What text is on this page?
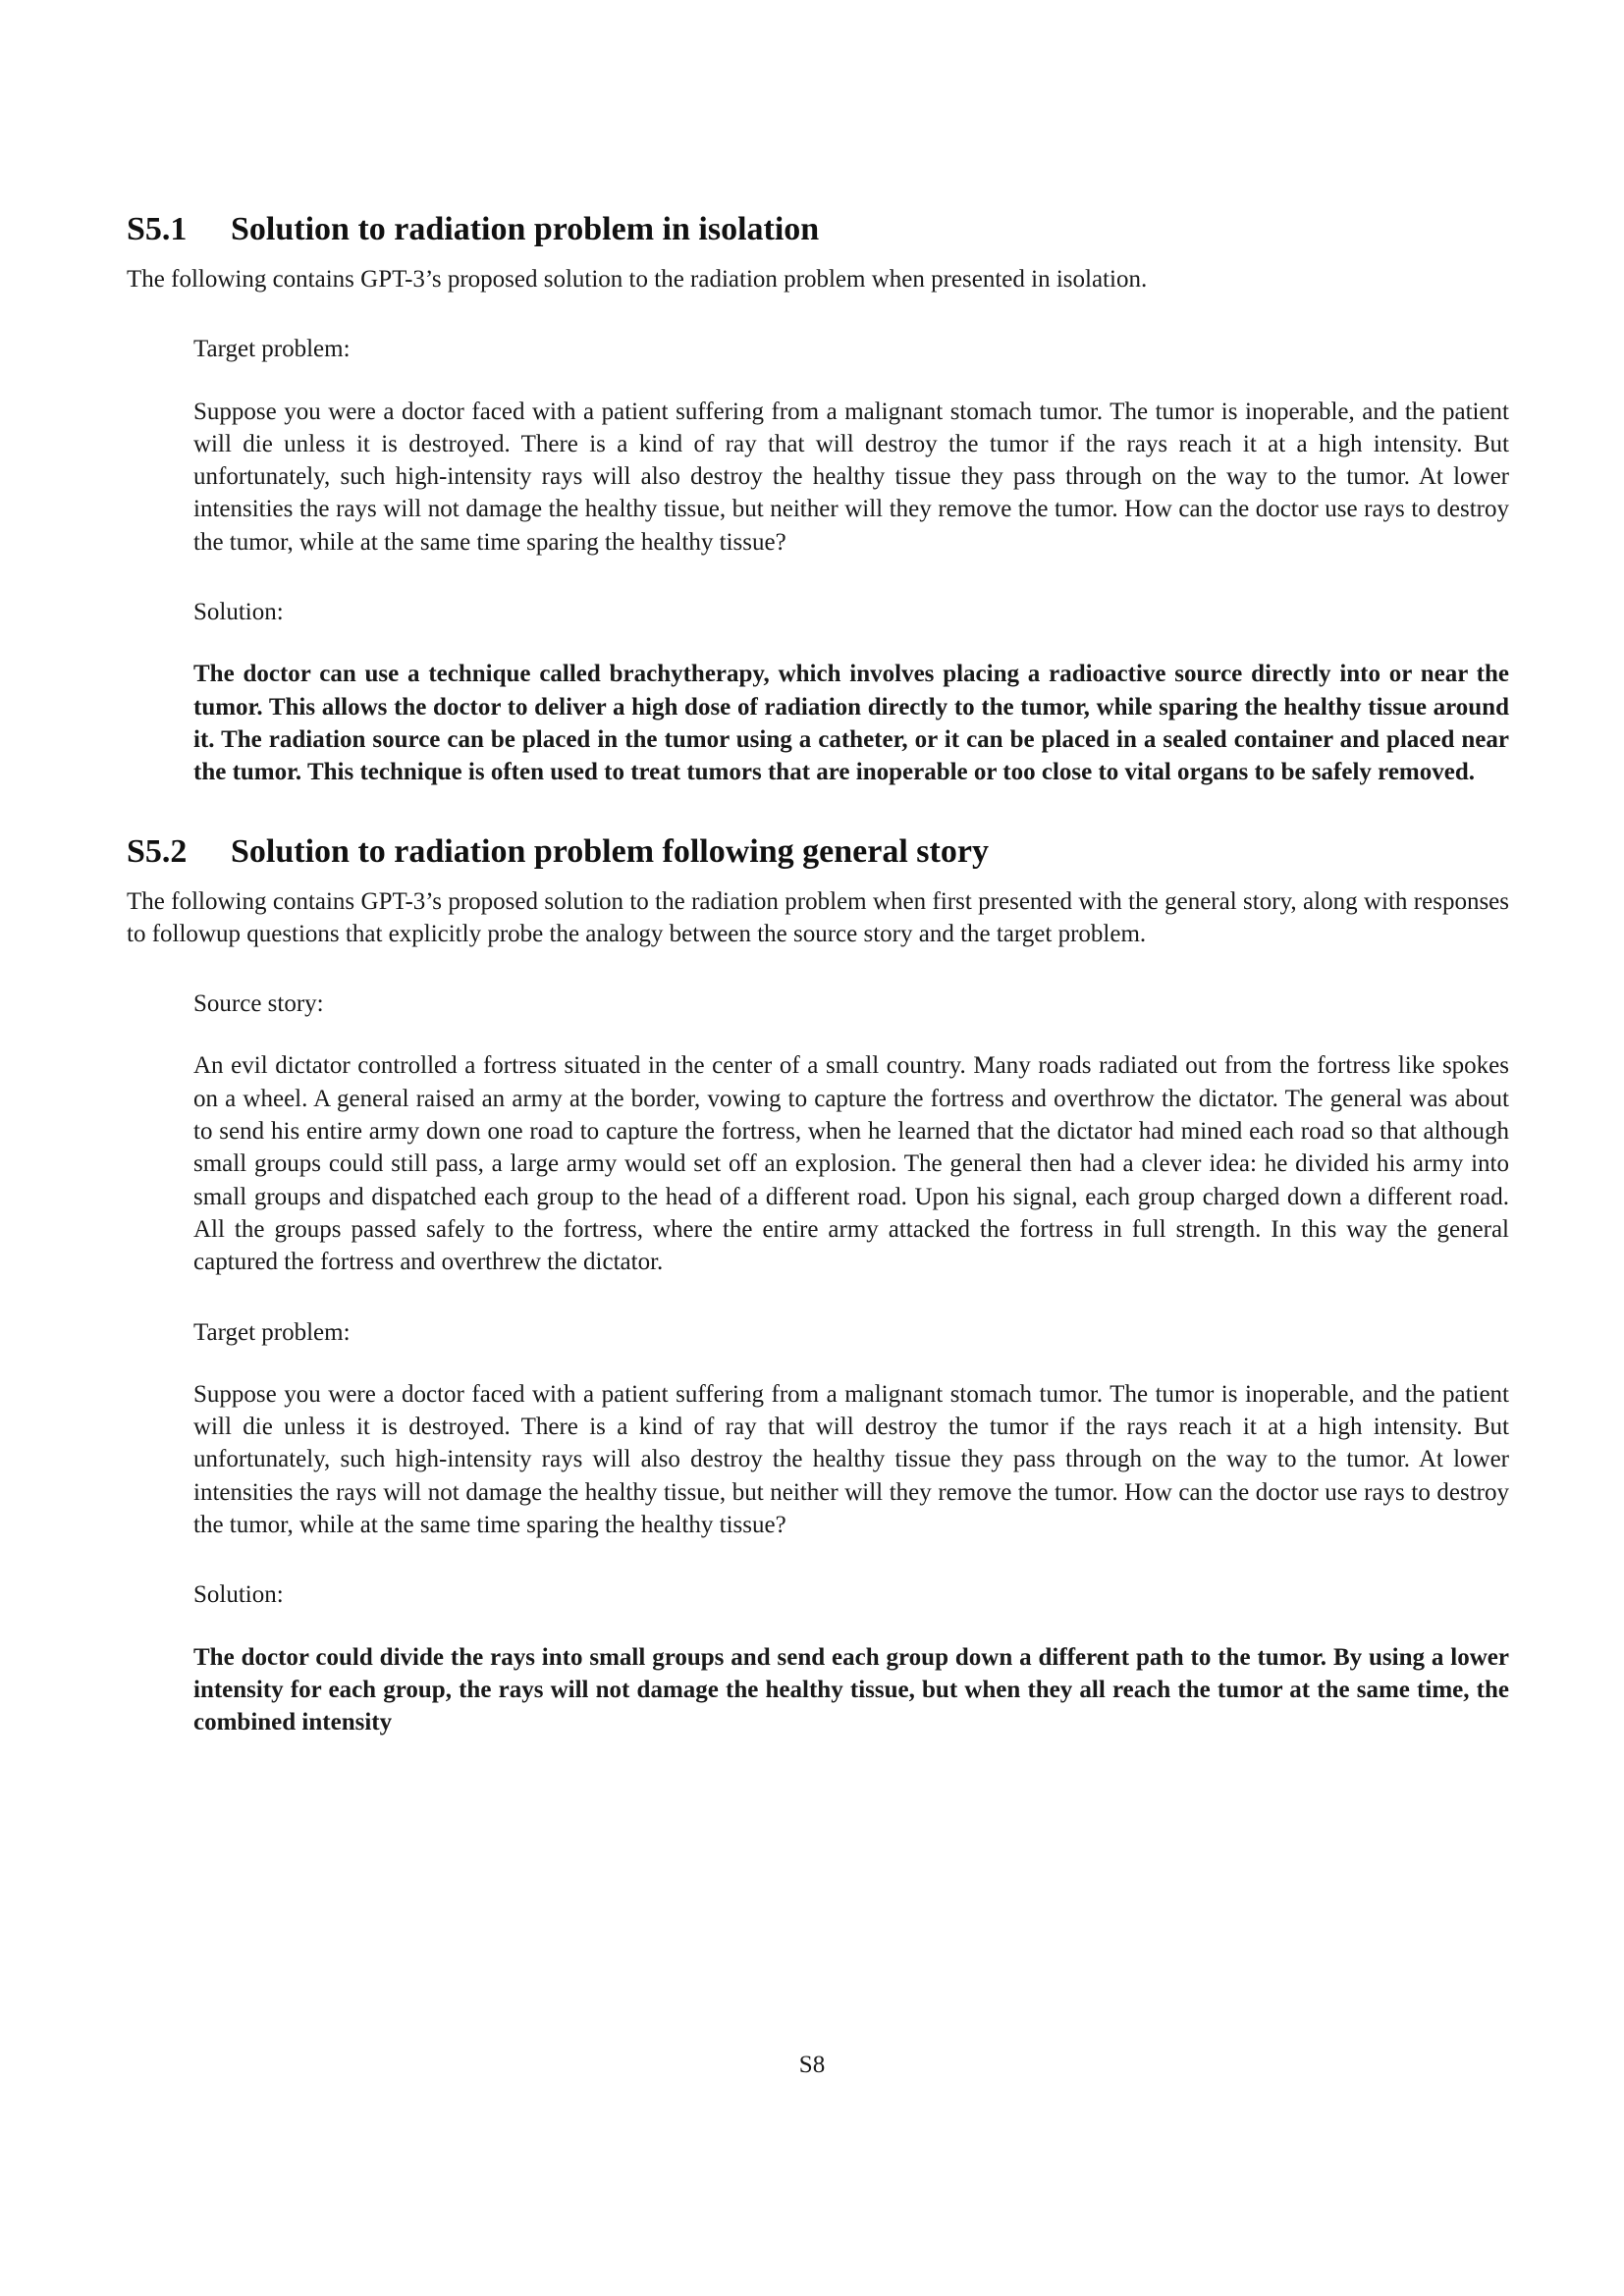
S5.1 Solution to radiation problem in isolation

The following contains GPT-3’s proposed solution to the radiation problem when presented in isolation.

Target problem:

Suppose you were a doctor faced with a patient suffering from a malignant stomach tumor. The tumor is inoperable, and the patient will die unless it is destroyed. There is a kind of ray that will destroy the tumor if the rays reach it at a high intensity. But unfortunately, such high-intensity rays will also destroy the healthy tissue they pass through on the way to the tumor. At lower intensities the rays will not damage the healthy tissue, but neither will they remove the tumor. How can the doctor use rays to destroy the tumor, while at the same time sparing the healthy tissue?

Solution:

The doctor can use a technique called brachytherapy, which involves placing a radioactive source directly into or near the tumor. This allows the doctor to deliver a high dose of radiation directly to the tumor, while sparing the healthy tissue around it. The radiation source can be placed in the tumor using a catheter, or it can be placed in a sealed container and placed near the tumor. This technique is often used to treat tumors that are inoperable or too close to vital organs to be safely removed.

S5.2 Solution to radiation problem following general story

The following contains GPT-3’s proposed solution to the radiation problem when first presented with the general story, along with responses to followup questions that explicitly probe the analogy between the source story and the target problem.

Source story:

An evil dictator controlled a fortress situated in the center of a small country. Many roads radiated out from the fortress like spokes on a wheel. A general raised an army at the border, vowing to capture the fortress and overthrow the dictator. The general was about to send his entire army down one road to capture the fortress, when he learned that the dictator had mined each road so that although small groups could still pass, a large army would set off an explosion. The general then had a clever idea: he divided his army into small groups and dispatched each group to the head of a different road. Upon his signal, each group charged down a different road. All the groups passed safely to the fortress, where the entire army attacked the fortress in full strength. In this way the general captured the fortress and overthrew the dictator.

Target problem:

Suppose you were a doctor faced with a patient suffering from a malignant stomach tumor. The tumor is inoperable, and the patient will die unless it is destroyed. There is a kind of ray that will destroy the tumor if the rays reach it at a high intensity. But unfortunately, such high-intensity rays will also destroy the healthy tissue they pass through on the way to the tumor. At lower intensities the rays will not damage the healthy tissue, but neither will they remove the tumor. How can the doctor use rays to destroy the tumor, while at the same time sparing the healthy tissue?

Solution:

The doctor could divide the rays into small groups and send each group down a different path to the tumor. By using a lower intensity for each group, the rays will not damage the healthy tissue, but when they all reach the tumor at the same time, the combined intensity

S8
